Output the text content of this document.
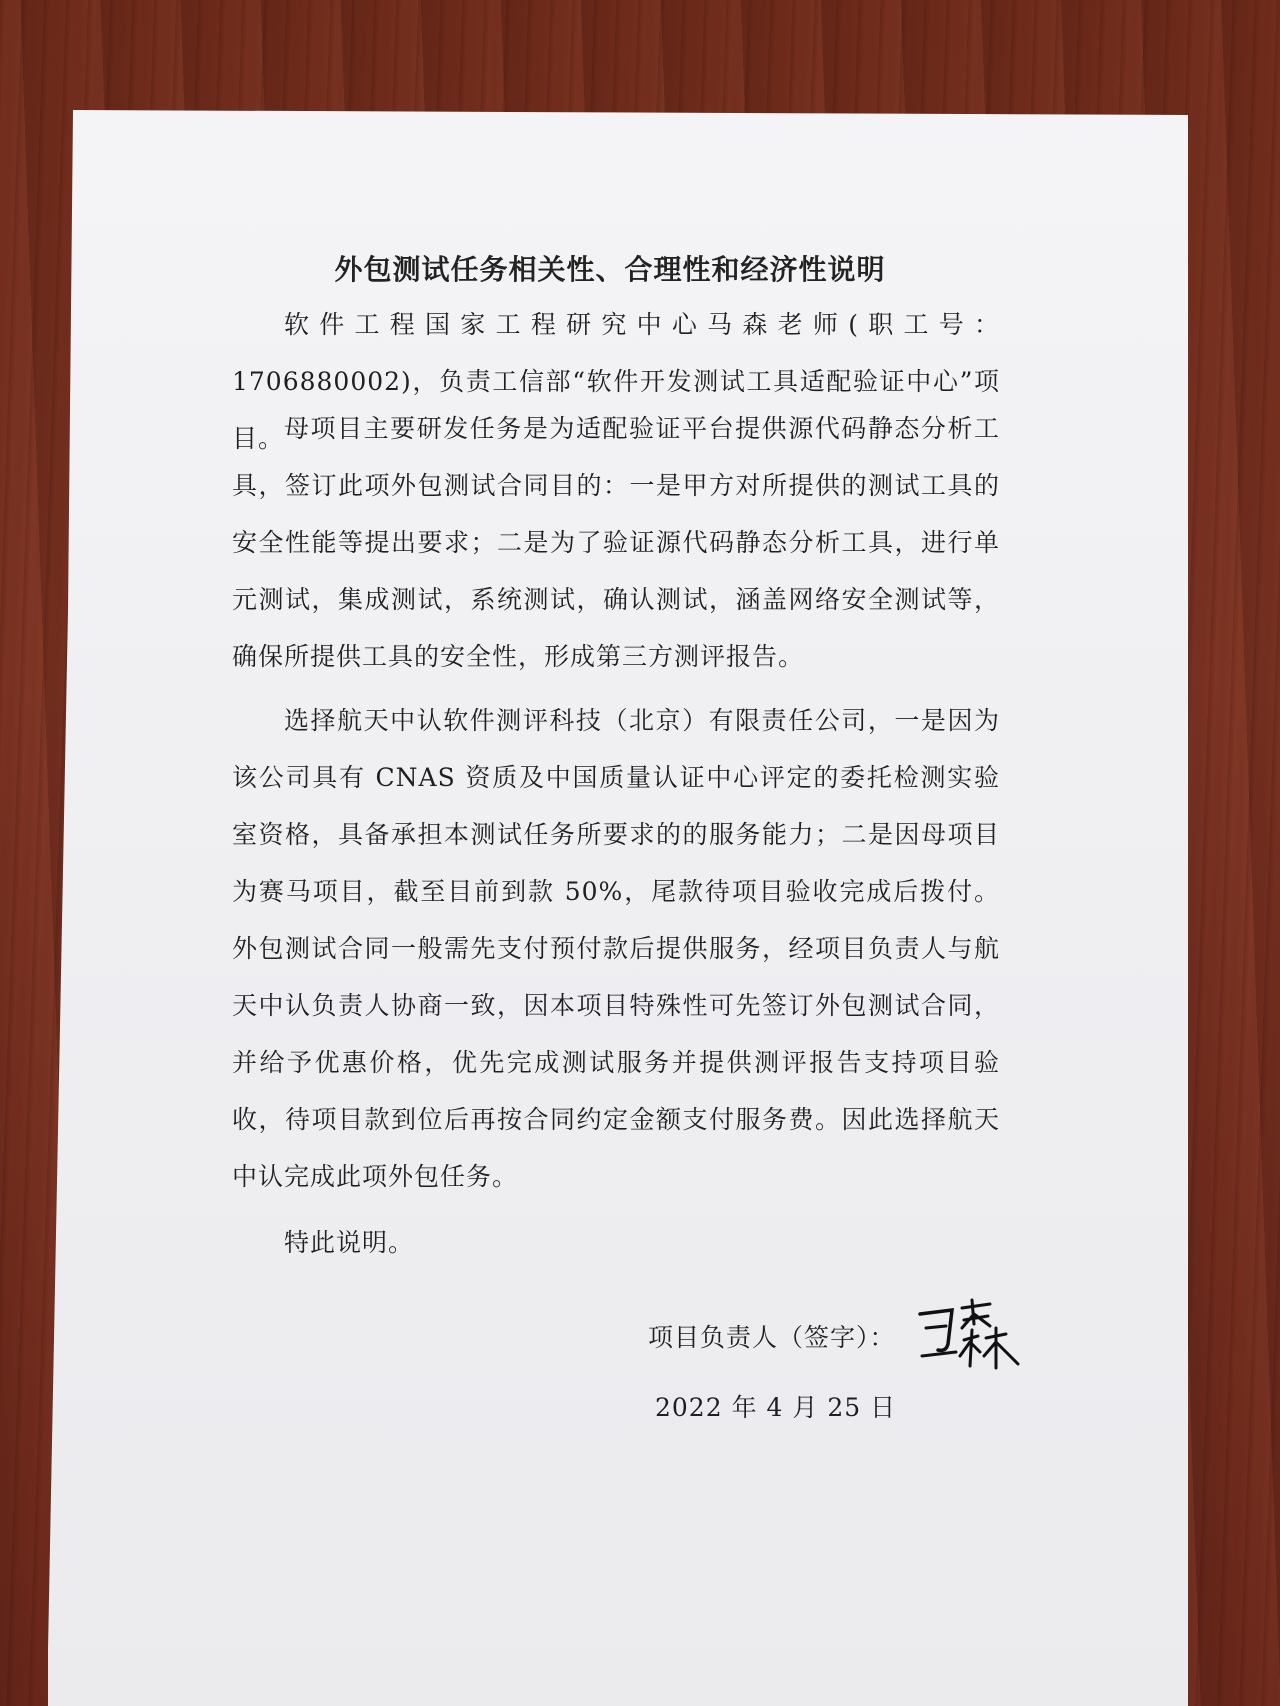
外包测试任务相关性、合理性和经济性说明
软件工程国家工程研究中心马森老师(职工号：1706880002)，负责工信部“软件开发测试工具适配验证中心”项目。 母项目主要研发任务是为适配验证平台提供源代码静态分析工具，签订此项外包测试合同目的：一是甲方对所提供的测试工具的安全性能等提出要求；二是为了验证源代码静态分析工具，进行单元测试，集成测试，系统测试，确认测试，涵盖网络安全测试等，确保所提供工具的安全性，形成第三方测评报告。
选择航天中认软件测评科技（北京）有限责任公司，一是因为该公司具有 CNAS 资质及中国质量认证中心评定的委托检测实验室资格，具备承担本测试任务所要求的的服务能力；二是因母项目为赛马项目，截至目前到款 50%，尾款待项目验收完成后拨付。外包测试合同一般需先支付预付款后提供服务，经项目负责人与航天中认负责人协商一致，因本项目特殊性可先签订外包测试合同，并给予优惠价格，优先完成测试服务并提供测评报告支持项目验收，待项目款到位后再按合同约定金额支付服务费。因此选择航天中认完成此项外包任务。
特此说明。
项目负责人（签字）：
2022 年 4 月 25 日
